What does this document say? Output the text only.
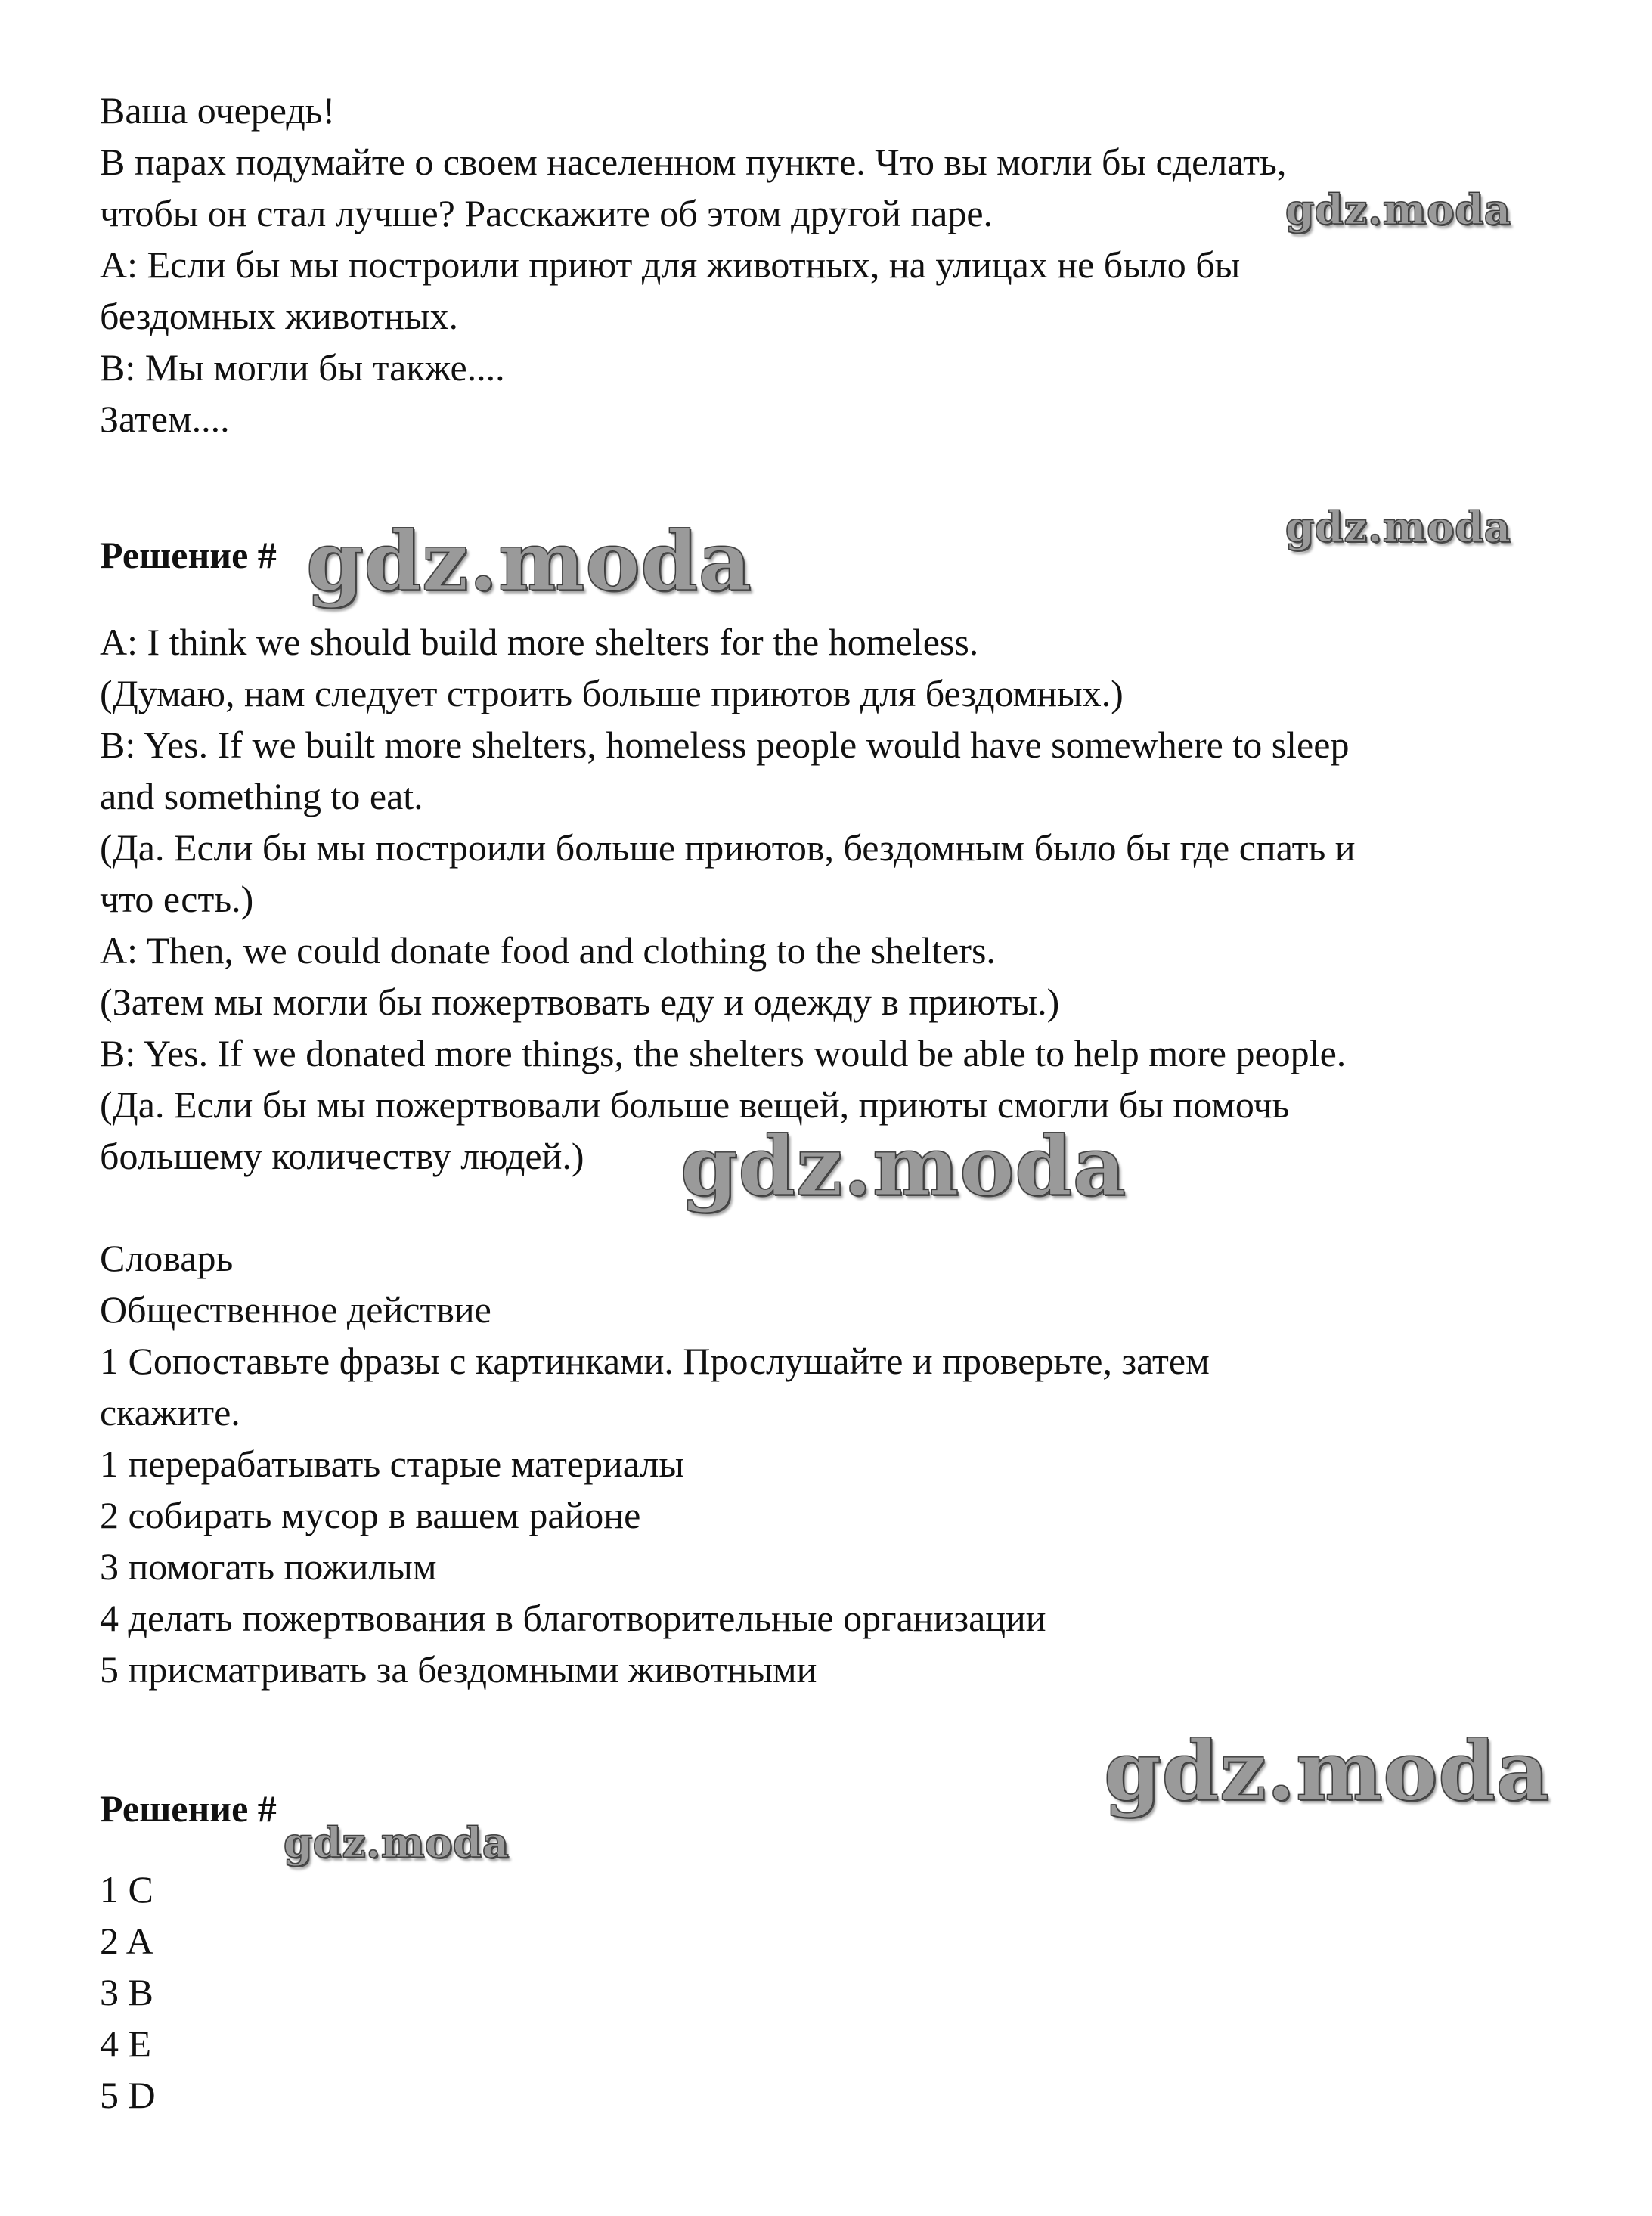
Ваша очередь!

В парах подумайте о своем населенном пункте. Что вы могли бы сделать,

чтобы он стал лучше? Расскажите об этом другой паре.

A: Если бы мы построили приют для животных, на улицах не было бы

бездомных животных.

B: Мы могли бы также....

Затем....

Решение #

A: I think we should build more shelters for the homeless.

(Думаю, нам следует строить больше приютов для бездомных.)

B: Yes. If we built more shelters, homeless people would have somewhere to sleep

and something to eat.

(Да. Если бы мы построили больше приютов, бездомным было бы где спать и

что есть.)

A: Then, we could donate food and clothing to the shelters.

(Затем мы могли бы пожертвовать еду и одежду в приюты.)

B: Yes. If we donated more things, the shelters would be able to help more people.

(Да. Если бы мы пожертвовали больше вещей, приюты смогли бы помочь

большему количеству людей.)

Словарь

Общественное действие

1 Сопоставьте фразы с картинками. Прослушайте и проверьте, затем

скажите.

1 перерабатывать старые материалы

2 собирать мусор в вашем районе

3 помогать пожилым

4 делать пожертвования в благотворительные организации

5 присматривать за бездомными животными

Решение #

1 C

2 A

3 B

4 E

5 D

gdz.moda
gdz.moda
gdz.moda
gdz.moda
gdz.moda
gdz.moda
